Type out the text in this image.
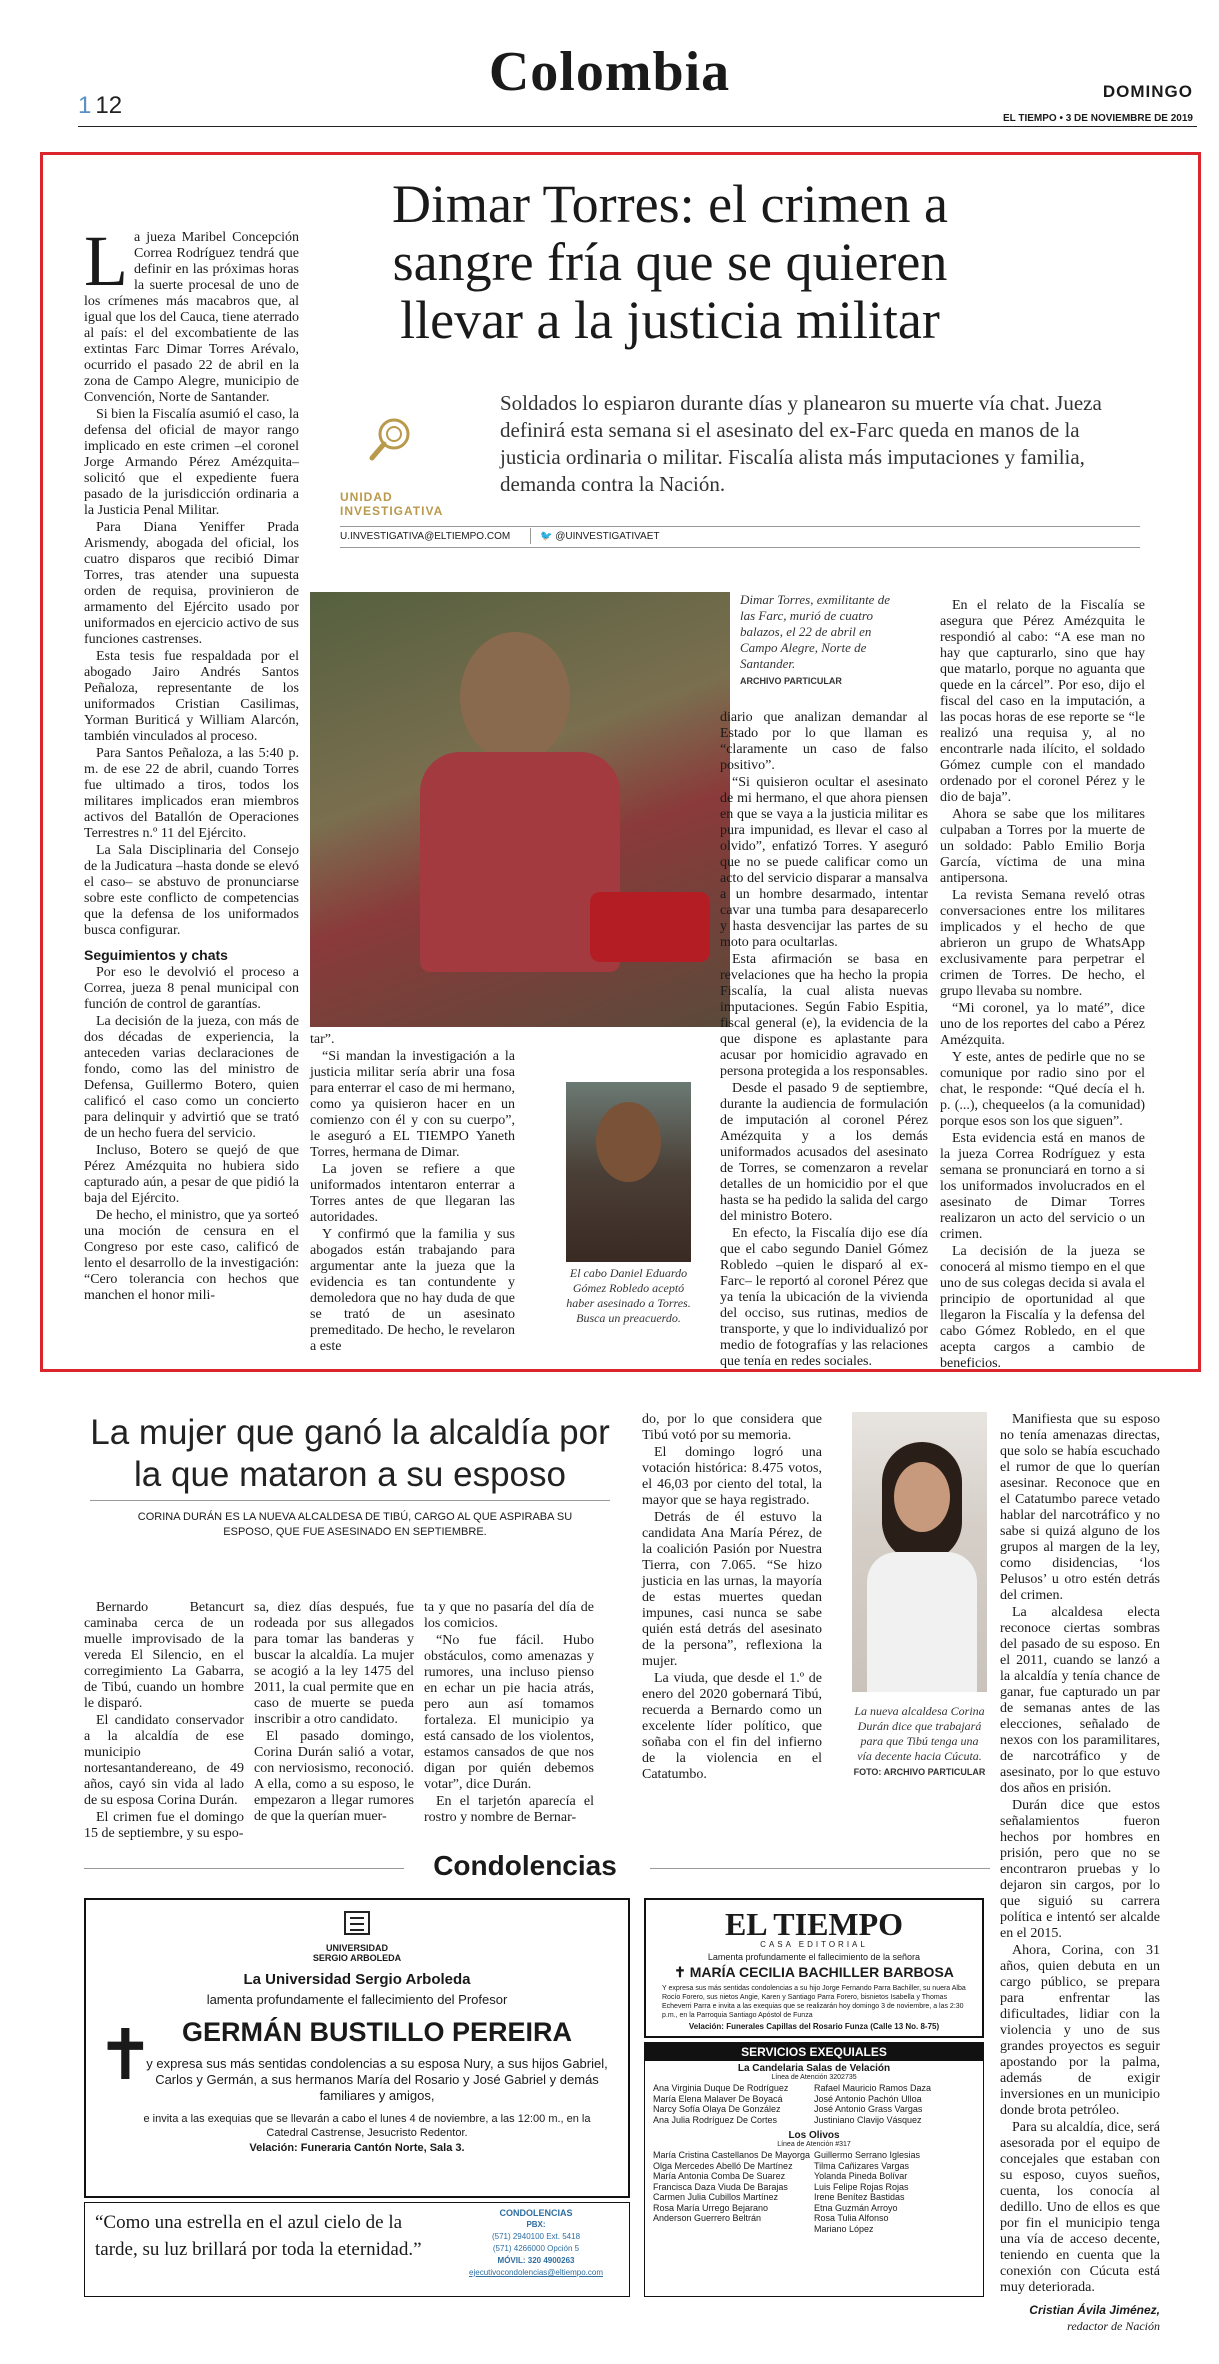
1 12
Colombia	DOMINGO
EL TIEMPO • 3 DE NOVIEMBRE DE 2019
Dimar Torres: el crimen a sangre fría que se quieren llevar a la justicia militar
UNIDAD INVESTIGATIVA
Soldados lo espiaron durante días y planearon su muerte vía chat. Jueza definirá esta semana si el asesinato del ex-Farc queda en manos de la justicia ordinaria o militar. Fiscalía alista más imputaciones y familia, demanda contra la Nación.
U.INVESTIGATIVA@ELTIEMPO.COM	🐦 @UINVESTIGATIVAET
L a jueza Maribel Concepción Correa Rodríguez tendrá que definir en las próximas horas la suerte procesal de uno de los crímenes más macabros que, al igual que los del Cauca, tiene aterrado al país: el del excombatiente de las extintas Farc Dimar Torres Arévalo, ocurrido el pasado 22 de abril en la zona de Campo Alegre, municipio de Convención, Norte de Santander.

Si bien la Fiscalía asumió el caso, la defensa del oficial de mayor rango implicado en este crimen –el coronel Jorge Armando Pérez Amézquita– solicitó que el expediente fuera pasado de la jurisdicción ordinaria a la Justicia Penal Militar.

Para Diana Yeniffer Prada Arismendy, abogada del oficial, los cuatro disparos que recibió Dimar Torres, tras atender una supuesta orden de requisa, provinieron de armamento del Ejército usado por uniformados en ejercicio activo de sus funciones castrenses.

Esta tesis fue respaldada por el abogado Jairo Andrés Santos Peñaloza, representante de los uniformados Cristian Casilimas, Yorman Buriticá y William Alarcón, también vinculados al proceso.

Para Santos Peñaloza, a las 5:40 p. m. de ese 22 de abril, cuando Torres fue ultimado a tiros, todos los militares implicados eran miembros activos del Batallón de Operaciones Terrestres n.º 11 del Ejército.

La Sala Disciplinaria del Consejo de la Judicatura –hasta donde se elevó el caso– se abstuvo de pronunciarse sobre este conflicto de competencias que la defensa de los uniformados busca configurar.

Seguimientos y chats

Por eso le devolvió el proceso a Correa, jueza 8 penal municipal con función de control de garantías.

La decisión de la jueza, con más de dos décadas de experiencia, la anteceden varias declaraciones de fondo, como las del ministro de Defensa, Guillermo Botero, quien calificó el caso como un concierto para delinquir y advirtió que se trató de un hecho fuera del servicio.

Incluso, Botero se quejó de que Pérez Amézquita no hubiera sido capturado aún, a pesar de que pidió la baja del Ejército.

De hecho, el ministro, que ya sorteó una moción de censura en el Congreso por este caso, calificó de lento el desarrollo de la investigación: “Cero tolerancia con hechos que manchen el honor mili-

Dimar Torres, exmilitante de las Farc, murió de cuatro balazos, el 22 de abril en Campo Alegre, Norte de Santander.
ARCHIVO PARTICULAR

tar”.

“Si mandan la investigación a la justicia militar sería abrir una fosa para enterrar el caso de mi hermano, como ya quisieron hacer en un comienzo con él y con su cuerpo”, le aseguró a EL TIEMPO Yaneth Torres, hermana de Dimar.

La joven se refiere a que uniformados intentaron enterrar a Torres antes de que llegaran las autoridades.

Y confirmó que la familia y sus abogados están trabajando para argumentar ante la jueza que la evidencia es tan contundente y demoledora que no hay duda de que se trató de un asesinato premeditado. De hecho, le revelaron a este

El cabo Daniel Eduardo Gómez Robledo aceptó haber asesinado a Torres. Busca un preacuerdo.

diario que analizan demandar al Estado por lo que llaman es “claramente un caso de falso positivo”.

“Si quisieron ocultar el asesinato de mi hermano, el que ahora piensen en que se vaya a la justicia militar es pura impunidad, es llevar el caso al olvido”, enfatizó Torres. Y aseguró que no se puede calificar como un acto del servicio disparar a mansalva a un hombre desarmado, intentar cavar una tumba para desaparecerlo y hasta desvencijar las partes de su moto para ocultarlas.

Esta afirmación se basa en revelaciones que ha hecho la propia Fiscalía, la cual alista nuevas imputaciones. Según Fabio Espitia, fiscal general (e), la evidencia de la que dispone es aplastante para acusar por homicidio agravado en persona protegida a los responsables.

Desde el pasado 9 de septiembre, durante la audiencia de formulación de imputación al coronel Pérez Amézquita y a los demás uniformados acusados del asesinato de Torres, se comenzaron a revelar detalles de un homicidio por el que hasta se ha pedido la salida del cargo del ministro Botero.

En efecto, la Fiscalía dijo ese día que el cabo segundo Daniel Gómez Robledo –quien le disparó al ex-Farc– le reportó al coronel Pérez que ya tenía la ubicación de la vivienda del occiso, sus rutinas, medios de transporte, y que lo individualizó por medio de fotografías y las relaciones que tenía en redes sociales.

En el relato de la Fiscalía se asegura que Pérez Amézquita le respondió al cabo: “A ese man no hay que capturarlo, sino que hay que matarlo, porque no aguanta que quede en la cárcel”. Por eso, dijo el fiscal del caso en la imputación, a las pocas horas de ese reporte se “le realizó una requisa y, al no encontrarle nada ilícito, el soldado Gómez cumple con el mandado ordenado por el coronel Pérez y le dio de baja”.

Ahora se sabe que los militares culpaban a Torres por la muerte de un soldado: Pablo Emilio Borja García, víctima de una mina antipersona.

La revista Semana reveló otras conversaciones entre los militares implicados y el hecho de que abrieron un grupo de WhatsApp exclusivamente para perpetrar el crimen de Torres. De hecho, el grupo llevaba su nombre.

“Mi coronel, ya lo maté”, dice uno de los reportes del cabo a Pérez Amézquita.

Y este, antes de pedirle que no se comunique por radio sino por el chat, le responde: “Qué decía el h. p. (...), chequeelos (a la comunidad) porque esos son los que siguen”.

Esta evidencia está en manos de la jueza Correa Rodríguez y esta semana se pronunciará en torno a si los uniformados involucrados en el asesinato de Dimar Torres realizaron un acto del servicio o un crimen.

La decisión de la jueza se conocerá al mismo tiempo en el que uno de sus colegas decida si avala el principio de oportunidad al que llegaron la Fiscalía y la defensa del cabo Gómez Robledo, en el que acepta cargos a cambio de beneficios.

La mujer que ganó la alcaldía por la que mataron a su esposo
CORINA DURÁN ES LA NUEVA ALCALDESA DE TIBÚ, CARGO AL QUE ASPIRABA SU ESPOSO, QUE FUE ASESINADO EN SEPTIEMBRE.

Bernardo Betancurt caminaba cerca de un muelle improvisado de la vereda El Silencio, en el corregimiento La Gabarra, de Tibú, cuando un hombre le disparó.

El candidato conservador a la alcaldía de ese municipio nortesantandereano, de 49 años, cayó sin vida al lado de su esposa Corina Durán.

El crimen fue el domingo 15 de septiembre, y su espo-

sa, diez días después, fue rodeada por sus allegados para tomar las banderas y buscar la alcaldía. La mujer se acogió a la ley 1475 del 2011, la cual permite que en caso de muerte se pueda inscribir a otro candidato.

El pasado domingo, Corina Durán salió a votar, con nerviosismo, reconoció. A ella, como a su esposo, le empezaron a llegar rumores de que la querían muer-

ta y que no pasaría del día de los comicios.

“No fue fácil. Hubo obstáculos, como amenazas y rumores, una incluso pienso en echar un pie hacia atrás, pero aun así tomamos fortaleza. El municipio ya está cansado de los violentos, estamos cansados de que nos digan por quién debemos votar”, dice Durán.

En el tarjetón aparecía el rostro y nombre de Bernar-

do, por lo que considera que Tibú votó por su memoria.

El domingo logró una votación histórica: 8.475 votos, el 46,03 por ciento del total, la mayor que se haya registrado.

Detrás de él estuvo la candidata Ana María Pérez, de la coalición Pasión por Nuestra Tierra, con 7.065. “Se hizo justicia en las urnas, la mayoría de estas muertes quedan impunes, casi nunca se sabe quién está detrás del asesinato de la persona”, reflexiona la mujer.

La viuda, que desde el 1.º de enero del 2020 gobernará Tibú, recuerda a Bernardo como un excelente líder político, que soñaba con el fin del infierno de la violencia en el Catatumbo.

La nueva alcaldesa Corina Durán dice que trabajará para que Tibú tenga una vía decente hacia Cúcuta. FOTO: ARCHIVO PARTICULAR

Manifiesta que su esposo no tenía amenazas directas, que solo se había escuchado el rumor de que lo querían asesinar. Reconoce que en el Catatumbo parece vetado hablar del narcotráfico y no sabe si quizá alguno de los grupos al margen de la ley, como disidencias, ‘los Pelusos’ u otro estén detrás del crimen.

La alcaldesa electa reconoce ciertas sombras del pasado de su esposo. En el 2011, cuando se lanzó a la alcaldía y tenía chance de ganar, fue capturado un par de semanas antes de las elecciones, señalado de nexos con los paramilitares, de narcotráfico y de asesinato, por lo que estuvo dos años en prisión.

Durán dice que estos señalamientos fueron hechos por hombres en prisión, pero que no se encontraron pruebas y lo dejaron sin cargos, por lo que siguió su carrera política e intentó ser alcalde en el 2015.

Ahora, Corina, con 31 años, quien debuta en un cargo público, se prepara para enfrentar las dificultades, lidiar con la violencia y uno de sus grandes proyectos es seguir apostando por la palma, además de exigir inversiones en un municipio donde brota petróleo.

Para su alcaldía, dice, será asesorada por el equipo de concejales que estaban con su esposo, cuyos sueños, cuenta, los conocía al dedillo. Uno de ellos es que por fin el municipio tenga una vía de acceso decente, teniendo en cuenta que la conexión con Cúcuta está muy deteriorada.

Cristian Ávila Jiménez,
redactor de Nación
Condolencias
UNIVERSIDAD SERGIO ARBOLEDA
La Universidad Sergio Arboleda
lamenta profundamente el fallecimiento del Profesor
✝	GERMÁN BUSTILLO PEREIRA
y expresa sus más sentidas condolencias a su esposa Nury, a sus hijos Gabriel, Carlos y Germán, a sus hermanos María del Rosario y José Gabriel y demás familiares y amigos,
e invita a las exequias que se llevarán a cabo el lunes 4 de noviembre, a las 12:00 m., en la Catedral Castrense, Jesucristo Redentor.
Velación: Funeraria Cantón Norte, Sala 3.
“Como una estrella en el azul cielo de la tarde, su luz brillará por toda la eternidad.”
CONDOLENCIAS
PBX:
(571) 2940100 Ext. 5418
(571) 4266000 Opción 5
MÓVIL: 320 4900263
ejecutivocondolencias@eltiempo.com
EL TIEMPO
CASA EDITORIAL
Lamenta profundamente el fallecimiento de la señora
✝ MARÍA CECILIA BACHILLER BARBOSA
Y expresa sus más sentidas condolencias a su hijo Jorge Fernando Parra Bachiller, su nuera Alba Rocío Forero, sus nietos Angie, Karen y Santiago Parra Forero, bisnietos Isabella y Thomas Echeverri Parra e invita a las exequias que se realizarán hoy domingo 3 de noviembre, a las 2:30 p.m., en la Parroquia Santiago Apóstol de Funza
Velación: Funerales Capillas del Rosario Funza (Calle 13 No. 8-75)
SERVICIOS EXEQUIALES
La Candelaria Salas de Velación
Línea de Atención 3202735
Ana Virginia Duque De Rodríguez
María Elena Malaver De Boyacá
Narcy Sofía Olaya De González
Ana Julia Rodríguez De Cortes
Rafael Mauricio Ramos Daza
José Antonio Pachón Ulloa
José Antonio Grass Vargas
Justiniano Clavijo Vásquez
Los Olivos
Línea de Atención #317
María Cristina Castellanos De Mayorga
Olga Mercedes Abelló De Martínez
María Antonia Comba De Suarez
Francisca Daza Viuda De Barajas
Carmen Julia Cubillos Martínez
Rosa María Urrego Bejarano
Anderson Guerrero Beltrán
Guillermo Serrano Iglesias
Tilma Cañizares Vargas
Yolanda Pineda Bolívar
Luis Felipe Rojas Rojas
Irene Benítez Bastidas
Etna Guzmán Arroyo
Rosa Tulia Alfonso
Mariano López
